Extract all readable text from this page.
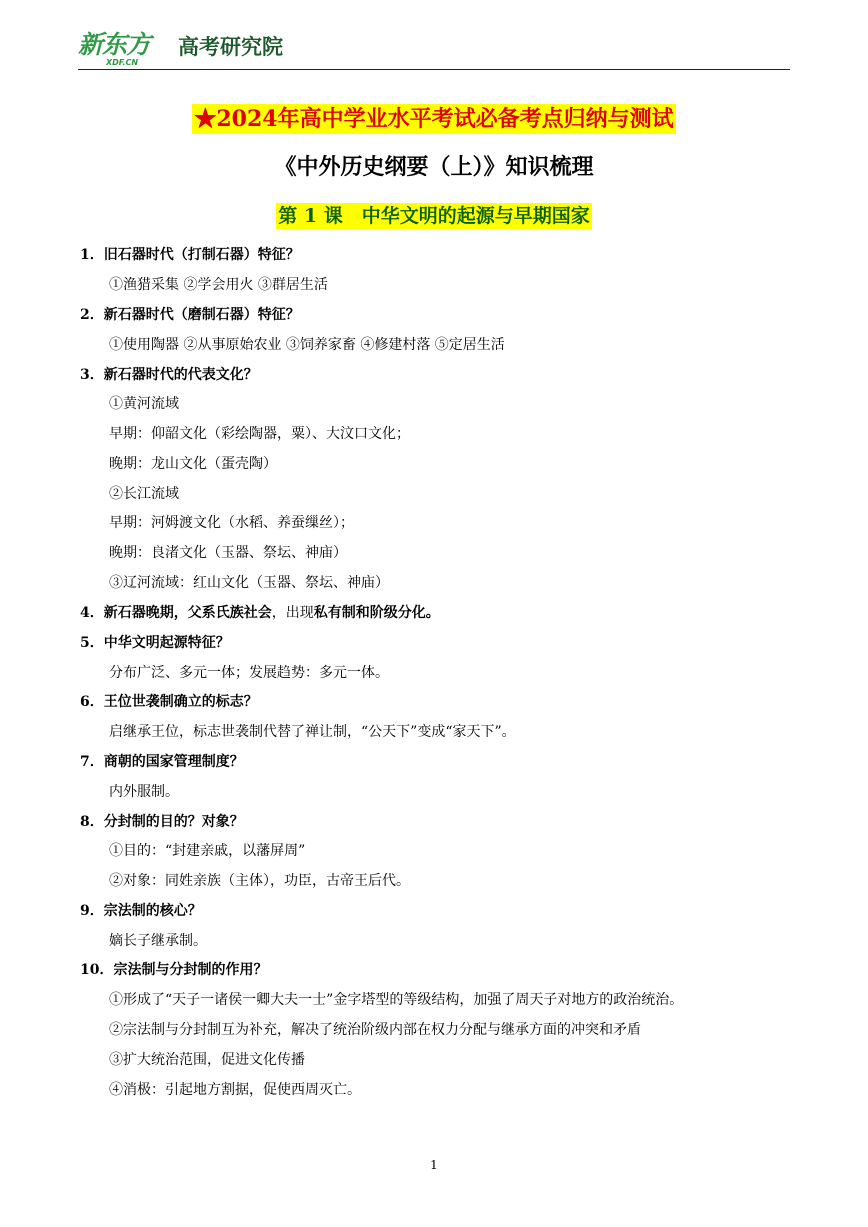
新东方
XDF.CN
高考研究院
★2024年高中学业水平考试必备考点归纳与测试
《中外历史纲要（上）》知识梳理
第 1 课　中华文明的起源与早期国家
1．旧石器时代（打制石器）特征？
①渔猎采集 ②学会用火 ③群居生活
2．新石器时代（磨制石器）特征？
①使用陶器 ②从事原始农业 ③饲养家畜 ④修建村落 ⑤定居生活
3．新石器时代的代表文化？
①黄河流域
早期：仰韶文化（彩绘陶器，粟）、大汶口文化；
晚期：龙山文化（蛋壳陶）
②长江流域
早期：河姆渡文化（水稻、养蚕缫丝）；
晚期：良渚文化（玉器、祭坛、神庙）
③辽河流域：红山文化（玉器、祭坛、神庙）
4．新石器晚期，父系氏族社会，出现私有制和阶级分化。
5．中华文明起源特征？
分布广泛、多元一体；发展趋势：多元一体。
6．王位世袭制确立的标志？
启继承王位，标志世袭制代替了禅让制，“公天下”变成“家天下”。
7．商朝的国家管理制度？
内外服制。
8．分封制的目的？对象？
①目的：“封建亲戚，以藩屏周”
②对象：同姓亲族（主体），功臣，古帝王后代。
9．宗法制的核心？
嫡长子继承制。
10．宗法制与分封制的作用？
①形成了“天子一诸侯一卿大夫一士”金字塔型的等级结构，加强了周天子对地方的政治统治。
②宗法制与分封制互为补充，解决了统治阶级内部在权力分配与继承方面的冲突和矛盾
③扩大统治范围，促进文化传播
④消极：引起地方割据，促使西周灭亡。
1
